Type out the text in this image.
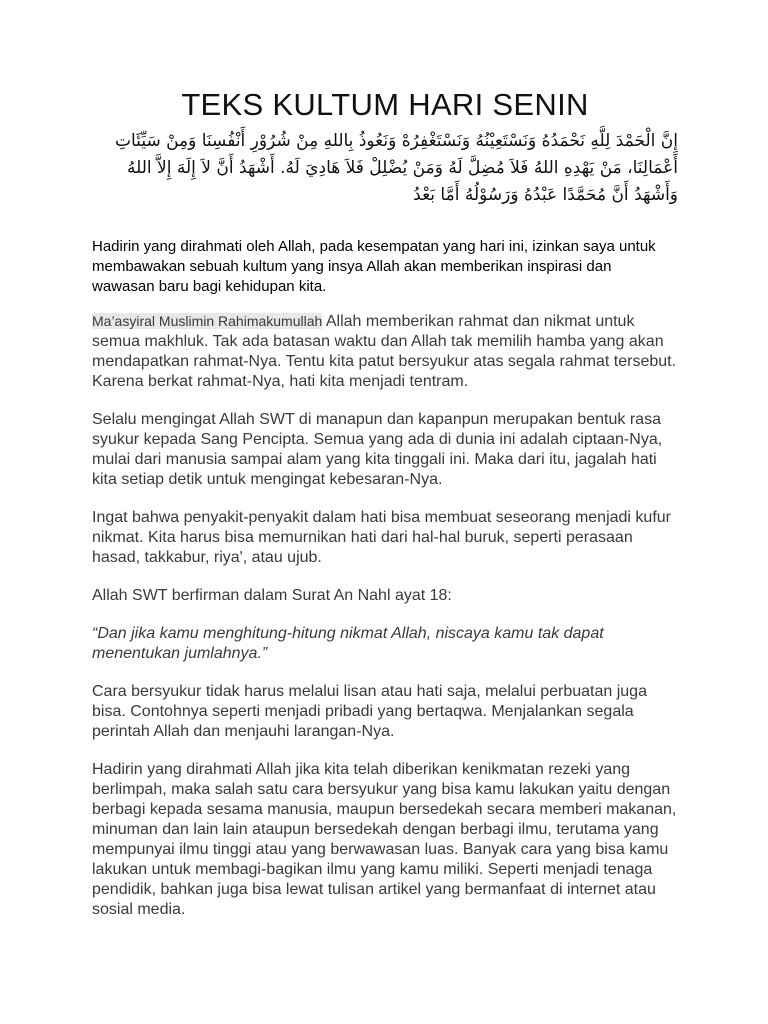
TEKS KULTUM HARI SENIN

إِنَّ الْحَمْدَ لِلَّهِ نَحْمَدُهُ وَنَسْتَعِيْنُهُ وَنَسْتَغْفِرُهْ وَنَعُوذُ بِاللهِ مِنْ شُرُوْرِ أَنْفُسِنَا وَمِنْ سَيِّئَاتِ أَعْمَالِنَا، مَنْ يَهْدِهِ اللهُ فَلاَ مُضِلَّ لَهُ وَمَنْ يُضْلِلْ فَلاَ هَادِيَ لَهُ. أَشْهَدُ أَنَّ لاَ إِلَهَ إِلاَّ اللهُ وَأَشْهَدُ أَنَّ مُحَمَّدًا عَبْدُهُ وَرَسُوْلُهُ أَمَّا بَعْدُ

Hadirin yang dirahmati oleh Allah, pada kesempatan yang hari ini, izinkan saya untuk membawakan sebuah kultum yang insya Allah akan memberikan inspirasi dan wawasan baru bagi kehidupan kita.

Ma’asyiral Muslimin Rahimakumullah Allah memberikan rahmat dan nikmat untuk semua makhluk. Tak ada batasan waktu dan Allah tak memilih hamba yang akan mendapatkan rahmat-Nya. Tentu kita patut bersyukur atas segala rahmat tersebut. Karena berkat rahmat-Nya, hati kita menjadi tentram.

Selalu mengingat Allah SWT di manapun dan kapanpun merupakan bentuk rasa syukur kepada Sang Pencipta. Semua yang ada di dunia ini adalah ciptaan-Nya, mulai dari manusia sampai alam yang kita tinggali ini. Maka dari itu, jagalah hati kita setiap detik untuk mengingat kebesaran-Nya.

Ingat bahwa penyakit-penyakit dalam hati bisa membuat seseorang menjadi kufur nikmat. Kita harus bisa memurnikan hati dari hal-hal buruk, seperti perasaan hasad, takkabur, riya', atau ujub.

Allah SWT berfirman dalam Surat An Nahl ayat 18:

“Dan jika kamu menghitung-hitung nikmat Allah, niscaya kamu tak dapat menentukan jumlahnya.”

Cara bersyukur tidak harus melalui lisan atau hati saja, melalui perbuatan juga bisa. Contohnya seperti menjadi pribadi yang bertaqwa. Menjalankan segala perintah Allah dan menjauhi larangan-Nya.

Hadirin yang dirahmati Allah jika kita telah diberikan kenikmatan rezeki yang berlimpah, maka salah satu cara bersyukur yang bisa kamu lakukan yaitu dengan berbagi kepada sesama manusia, maupun bersedekah secara memberi makanan, minuman dan lain lain ataupun bersedekah dengan berbagi ilmu, terutama yang mempunyai ilmu tinggi atau yang berwawasan luas. Banyak cara yang bisa kamu lakukan untuk membagi-bagikan ilmu yang kamu miliki. Seperti menjadi tenaga pendidik, bahkan juga bisa lewat tulisan artikel yang bermanfaat di internet atau sosial media.
